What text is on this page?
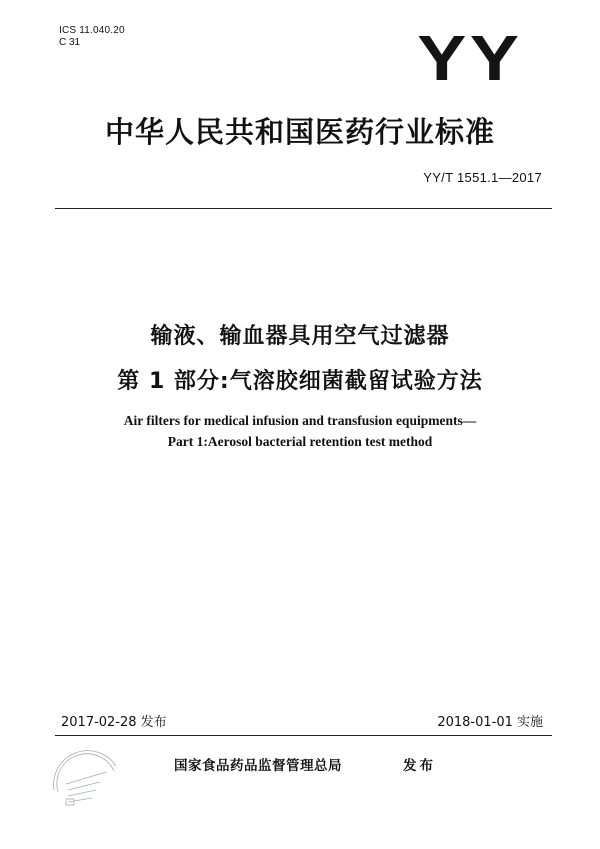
ICS 11.040.20
C 31	YY
中华人民共和国医药行业标准
YY/T 1551.1—2017
输液、输血器具用空气过滤器
第 1 部分:气溶胶细菌截留试验方法
Air filters for medical infusion and transfusion equipments—
Part 1:Aerosol bacterial retention test method
2017-02-28 发布	2018-01-01 实施
国家食品药品监督管理总局	发布
